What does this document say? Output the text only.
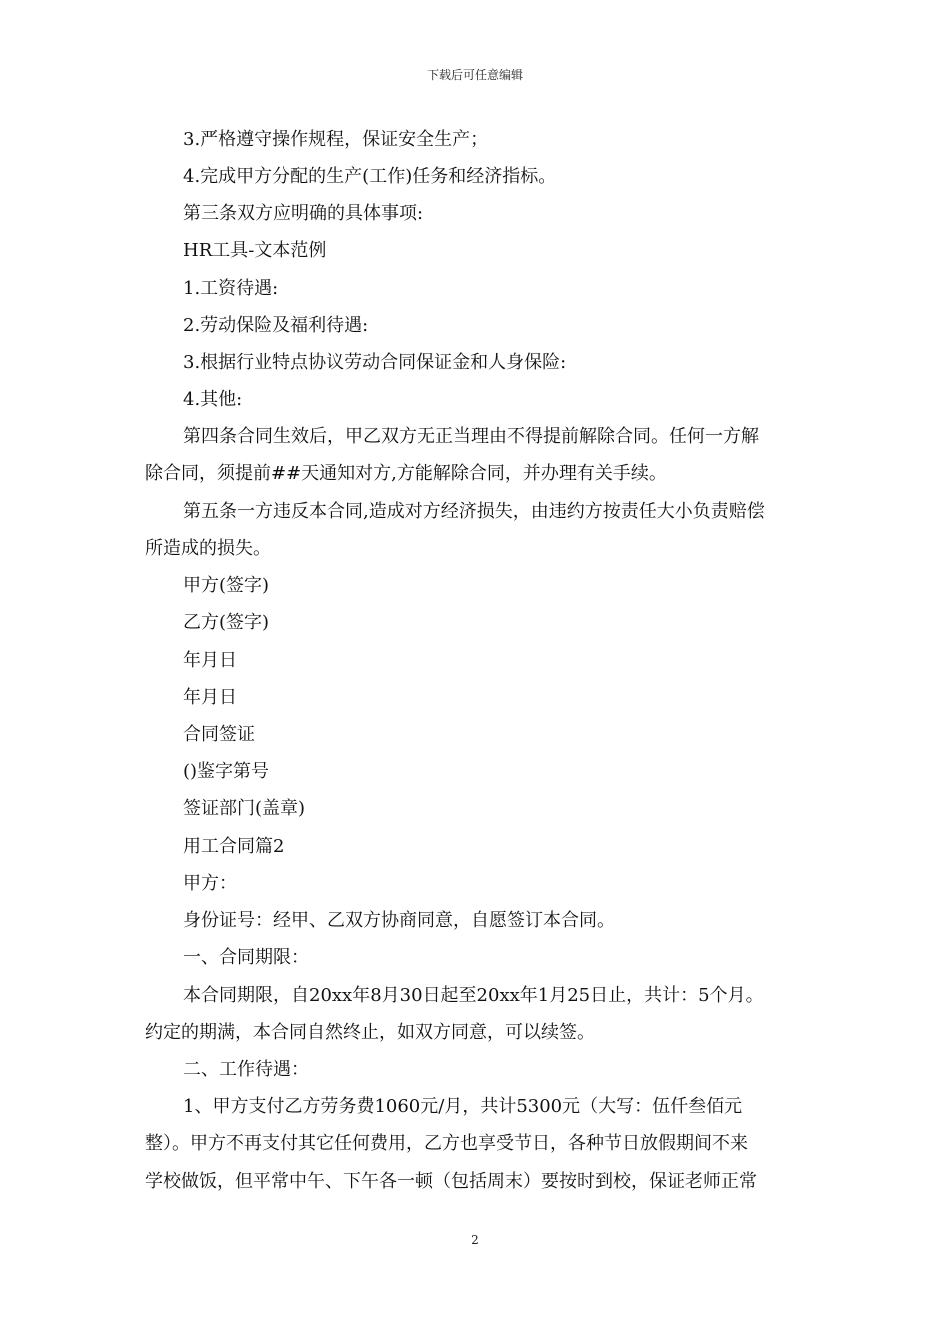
下载后可任意编辑
3.严格遵守操作规程，保证安全生产；
4.完成甲方分配的生产(工作)任务和经济指标。
第三条双方应明确的具体事项:
HR工具-文本范例
1.工资待遇:
2.劳动保险及福利待遇:
3.根据行业特点协议劳动合同保证金和人身保险:
4.其他:
第四条合同生效后，甲乙双方无正当理由不得提前解除合同。任何一方解
除合同，须提前##天通知对方,方能解除合同，并办理有关手续。
第五条一方违反本合同,造成对方经济损失，由违约方按责任大小负责赔偿
所造成的损失。
甲方(签字)
乙方(签字)
年月日
年月日
合同签证
()鉴字第号
签证部门(盖章)
用工合同篇2
甲方：
身份证号：经甲、乙双方协商同意，自愿签订本合同。
一、合同期限：
本合同期限，自20xx年8月30日起至20xx年1月25日止，共计：5个月。
约定的期满，本合同自然终止，如双方同意，可以续签。
二、工作待遇：
1、甲方支付乙方劳务费1060元/月，共计5300元（大写：伍仟叁佰元
整）。甲方不再支付其它任何费用，乙方也享受节日，各种节日放假期间不来
学校做饭，但平常中午、下午各一顿（包括周末）要按时到校，保证老师正常
2
